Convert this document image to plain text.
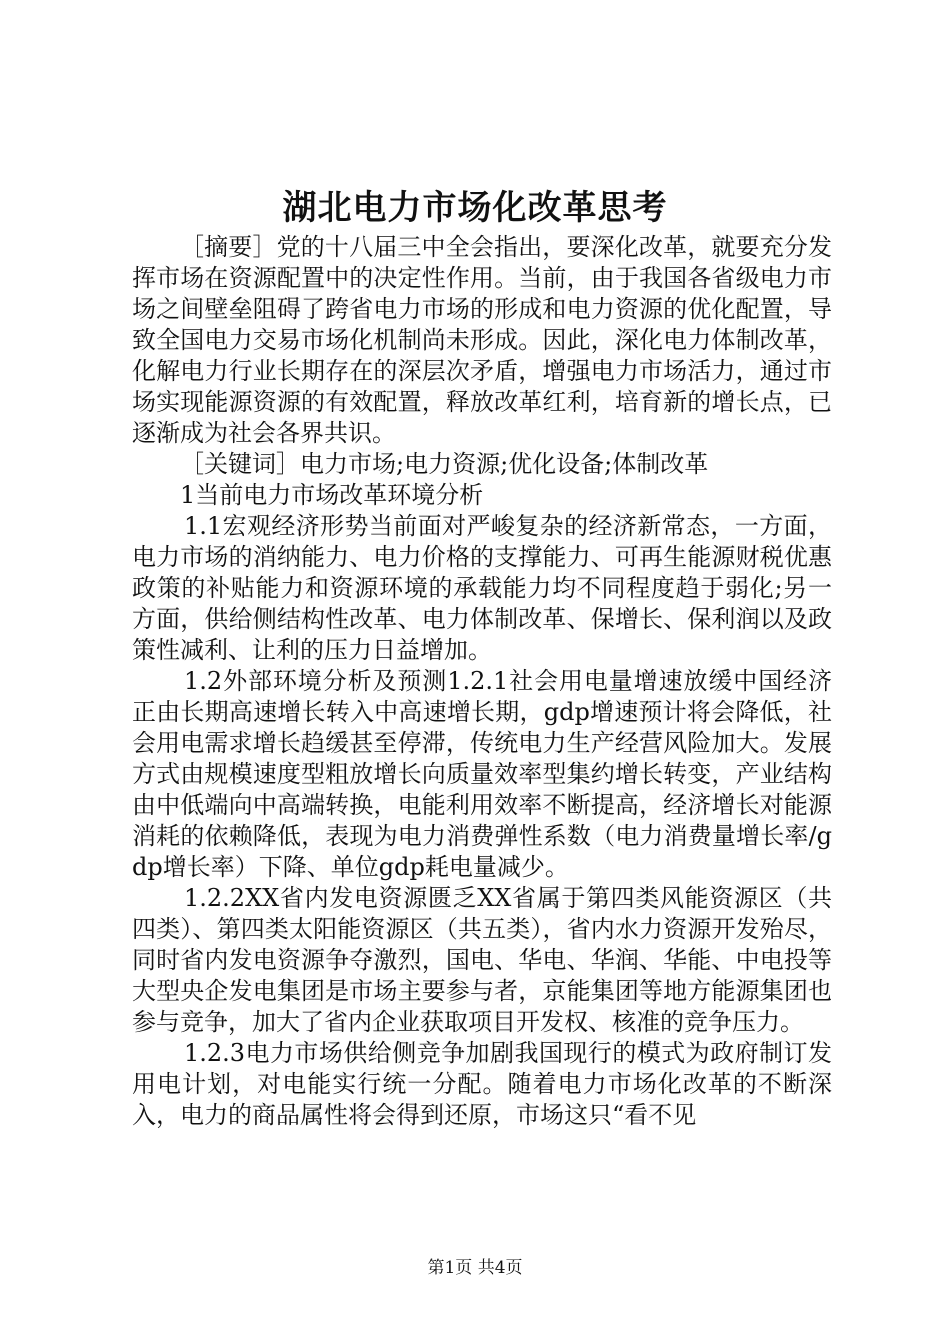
湖北电力市场化改革思考

［摘要］党的十八届三中全会指出，要深化改革，就要充分发挥市场在资源配置中的决定性作用。当前，由于我国各省级电力市场之间壁垒阻碍了跨省电力市场的形成和电力资源的优化配置，导致全国电力交易市场化机制尚未形成。因此，深化电力体制改革，化解电力行业长期存在的深层次矛盾，增强电力市场活力，通过市场实现能源资源的有效配置，释放改革红利，培育新的增长点，已逐渐成为社会各界共识。

［关键词］电力市场;电力资源;优化设备;体制改革

1当前电力市场改革环境分析

1.1宏观经济形势当前面对严峻复杂的经济新常态，一方面，电力市场的消纳能力、电力价格的支撑能力、可再生能源财税优惠政策的补贴能力和资源环境的承载能力均不同程度趋于弱化;另一方面，供给侧结构性改革、电力体制改革、保增长、保利润以及政策性减利、让利的压力日益增加。

1.2外部环境分析及预测1.2.1社会用电量增速放缓中国经济正由长期高速增长转入中高速增长期，gdp增速预计将会降低，社会用电需求增长趋缓甚至停滞，传统电力生产经营风险加大。发展方式由规模速度型粗放增长向质量效率型集约增长转变，产业结构由中低端向中高端转换，电能利用效率不断提高，经济增长对能源消耗的依赖降低，表现为电力消费弹性系数（电力消费量增长率/gdp增长率）下降、单位gdp耗电量减少。

1.2.2XX省内发电资源匮乏XX省属于第四类风能资源区（共四类）、第四类太阳能资源区（共五类），省内水力资源开发殆尽，同时省内发电资源争夺激烈，国电、华电、华润、华能、中电投等大型央企发电集团是市场主要参与者，京能集团等地方能源集团也参与竞争，加大了省内企业获取项目开发权、核准的竞争压力。

1.2.3电力市场供给侧竞争加剧我国现行的模式为政府制订发用电计划，对电能实行统一分配。随着电力市场化改革的不断深入，电力的商品属性将会得到还原，市场这只“看不见

第1页 共4页
